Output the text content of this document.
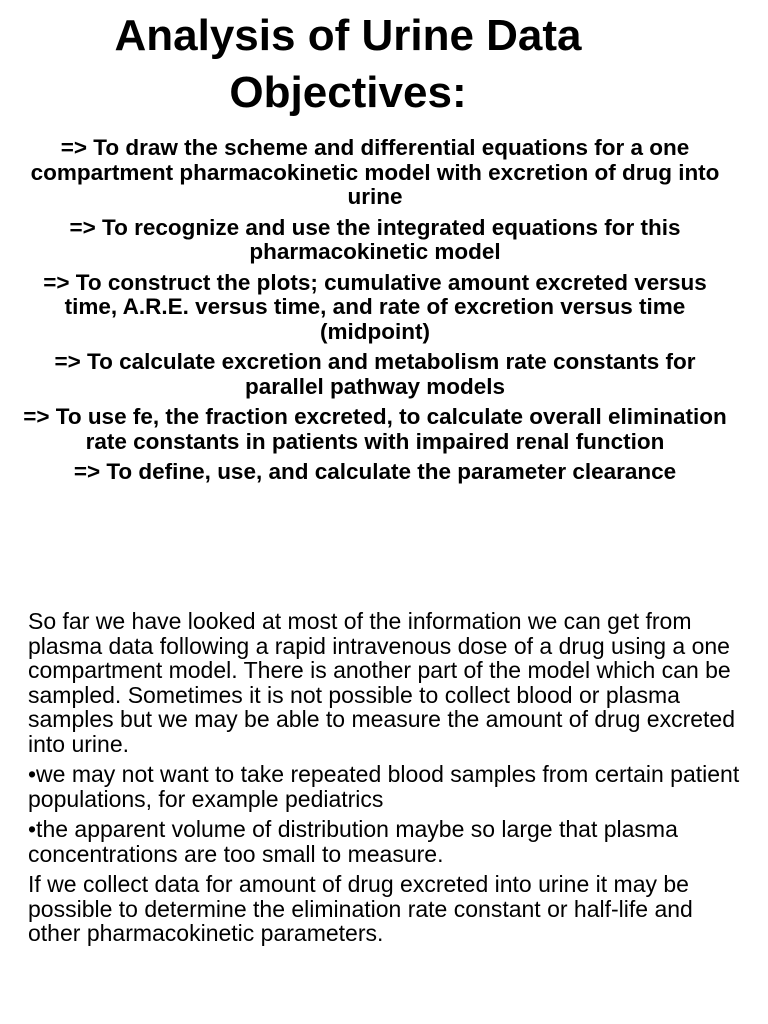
Analysis of Urine Data
Objectives:
=> To draw the scheme and differential equations for a one compartment pharmacokinetic model with excretion of drug into urine
=> To recognize and use the integrated equations for this pharmacokinetic model
=> To construct the plots; cumulative amount excreted versus time, A.R.E. versus time, and rate of excretion versus time (midpoint)
=> To calculate excretion and metabolism rate constants for parallel pathway models
=> To use fe, the fraction excreted, to calculate overall elimination rate constants in patients with impaired renal function
=> To define, use, and calculate the parameter clearance

So far we have looked at most of the information we can get from plasma data following a rapid intravenous dose of a drug using a one compartment model. There is another part of the model which can be sampled. Sometimes it is not possible to collect blood or plasma samples but we may be able to measure the amount of drug excreted into urine.

•we may not want to take repeated blood samples from certain patient populations, for example pediatrics

•the apparent volume of distribution maybe so large that plasma concentrations are too small to measure.

If we collect data for amount of drug excreted into urine it may be possible to determine the elimination rate constant or half-life and other pharmacokinetic parameters.
